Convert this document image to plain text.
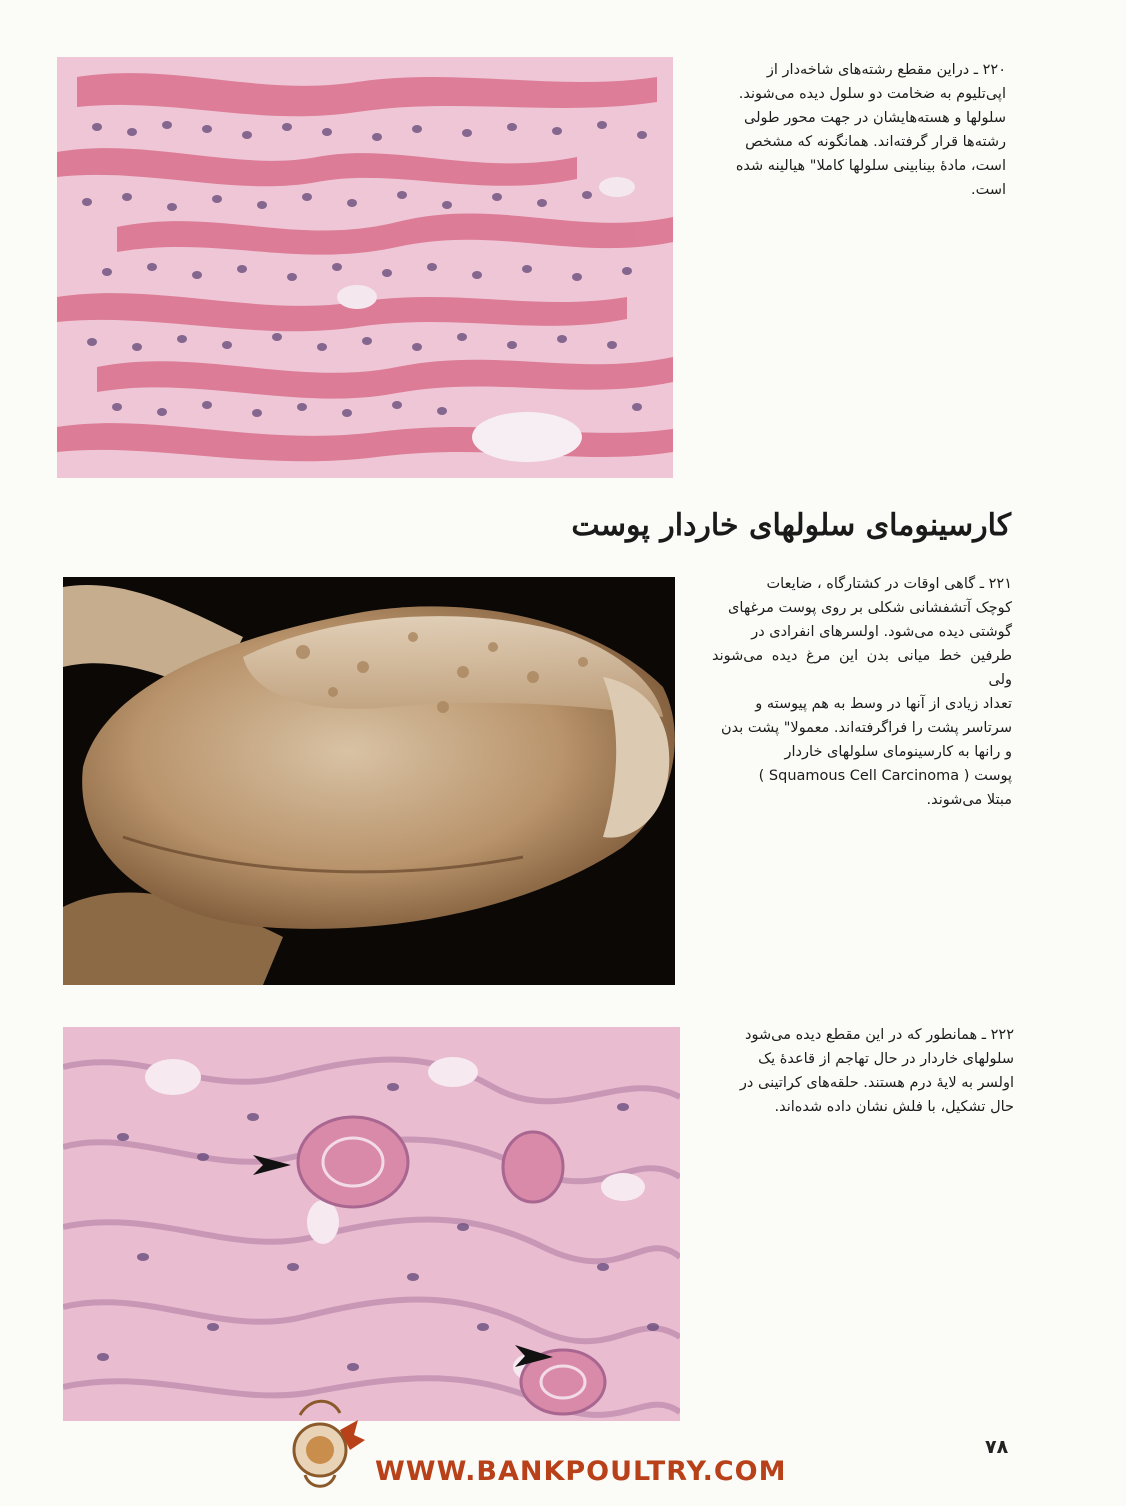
۲۲۰ ـ دراین مقطع رشته‌های شاخه‌دار از
اپی‌تلیوم به ضخامت دو سلول دیده می‌شوند.
سلولها و هسته‌هایشان در جهت محور طولی
رشته‌ها قرار گرفته‌اند. همانگونه که مشخص
است، مادهٔ بینابینی سلولها کاملا" هیالینه شده
است.
کارسینومای سلولهای خاردار پوست
۲۲۱ ـ گاهی اوقات در کشتارگاه ، ضایعات
کوچک آتشفشانی شکلی بر روی پوست مرغهای
گوشتی دیده می‌شود. اولسرهای انفرادی در
طرفین خط میانی بدن این مرغ دیده می‌شوند ولی
تعداد زیادی از آنها در وسط به هم پیوسته و
سرتاسر پشت را فراگرفته‌اند. معمولا" پشت بدن
و رانها به کارسینومای سلولهای خاردار
پوست ( Squamous Cell Carcinoma )
مبتلا می‌شوند.
۲۲۲ ـ همانطور که در این مقطع دیده می‌شود
سلولهای خاردار در حال تهاجم از قاعدهٔ یک
اولسر به لایهٔ درم هستند. حلقه‌های کراتینی در
حال تشکیل، با فلش نشان داده شده‌اند.
۷۸
WWW.BANKPOULTRY.COM
